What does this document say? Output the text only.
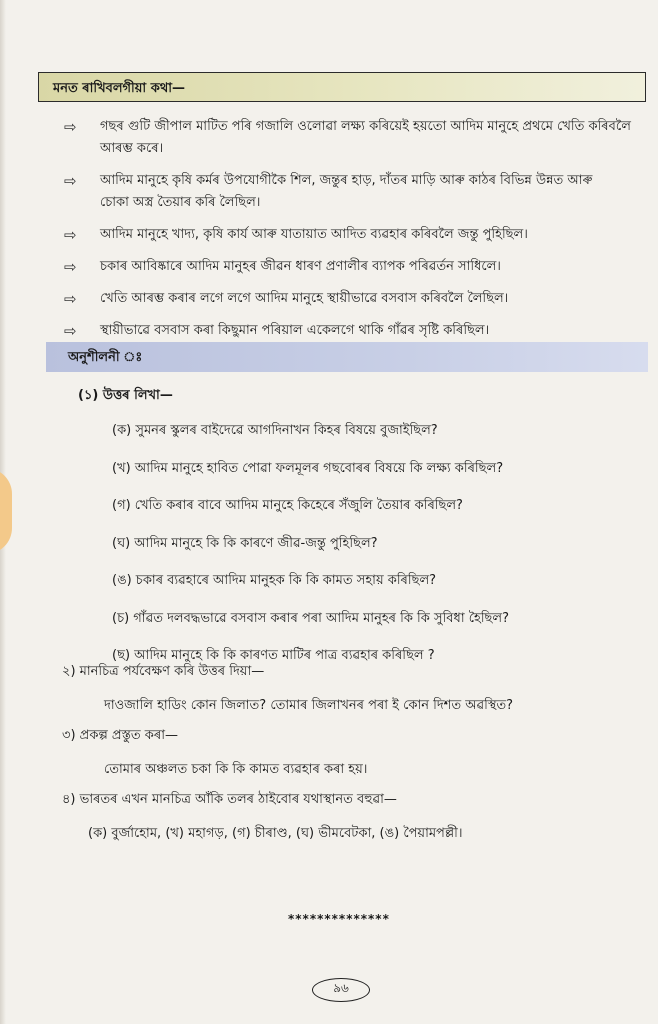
মনত ৰাখিবলগীয়া কথা—
⇨ গছৰ গুটি জীপাল মাটিত পৰি গজালি ওলোৱা লক্ষ্য কৰিয়েই হয়তো আদিম মানুহে প্ৰথমে খেতি কৰিবলৈ
আৰম্ভ কৰে।
⇨ আদিম মানুহে কৃষি কৰ্মৰ উপযোগীকৈ শিল, জন্তুৰ হাড়, দাঁতৰ মাড়ি আৰু কাঠৰ বিভিন্ন উন্নত আৰু
চোকা অস্ত্ৰ তৈয়াৰ কৰি লৈছিল।
⇨ আদিম মানুহে খাদ্য, কৃষি কাৰ্য আৰু যাতায়াত আদিত ব্যৱহাৰ কৰিবলৈ জন্তু পুহিছিল।
⇨ চকাৰ আবিষ্কাৰে আদিম মানুহৰ জীৱন ধাৰণ প্ৰণালীৰ ব্যাপক পৰিৱৰ্তন সাধিলে।
⇨ খেতি আৰম্ভ কৰাৰ লগে লগে আদিম মানুহে স্থায়ীভাৱে বসবাস কৰিবলৈ লৈছিল।
⇨ স্থায়ীভাৱে বসবাস কৰা কিছুমান পৰিয়াল একেলগে থাকি গাঁৱৰ সৃষ্টি কৰিছিল।
অনুশীলনী ঃ
(১) উত্তৰ লিখা—
(ক) সুমনৰ স্কুলৰ বাইদেৱে আগদিনাখন কিহৰ বিষয়ে বুজাইছিল?
(খ) আদিম মানুহে হাবিত পোৱা ফলমূলৰ গছবোৰৰ বিষয়ে কি লক্ষ্য কৰিছিল?
(গ) খেতি কৰাৰ বাবে আদিম মানুহে কিহেৰে সঁজুলি তৈয়াৰ কৰিছিল?
(ঘ) আদিম মানুহে কি কি কাৰণে জীৱ-জন্তু পুহিছিল?
(ঙ) চকাৰ ব্যৱহাৰে আদিম মানুহক কি কি কামত সহায় কৰিছিল?
(চ) গাঁৱত দলবদ্ধভাৱে বসবাস কৰাৰ পৰা আদিম মানুহৰ কি কি সুবিধা হৈছিল?
(ছ) আদিম মানুহে কি কি কাৰণত মাটিৰ পাত্ৰ ব্যৱহাৰ কৰিছিল ?
২) মানচিত্ৰ পৰ্যবেক্ষণ কৰি উত্তৰ দিয়া—
দাওজালি হাডিং কোন জিলাত? তোমাৰ জিলাখনৰ পৰা ই কোন দিশত অৱস্থিত?
৩) প্ৰকল্প প্ৰস্তুত কৰা—
তোমাৰ অঞ্চলত চকা কি কি কামত ব্যৱহাৰ কৰা হয়।
৪) ভাৰতৰ এখন মানচিত্ৰ আঁকি তলৰ ঠাইবোৰ যথাস্থানত বহুৱা—
(ক) বুৰ্জাহোম, (খ) মহাগড়, (গ) চীৰাণ্ড, (ঘ) ভীমবেটকা, (ঙ) পৈয়ামপল্লী।
**************
৯৬
